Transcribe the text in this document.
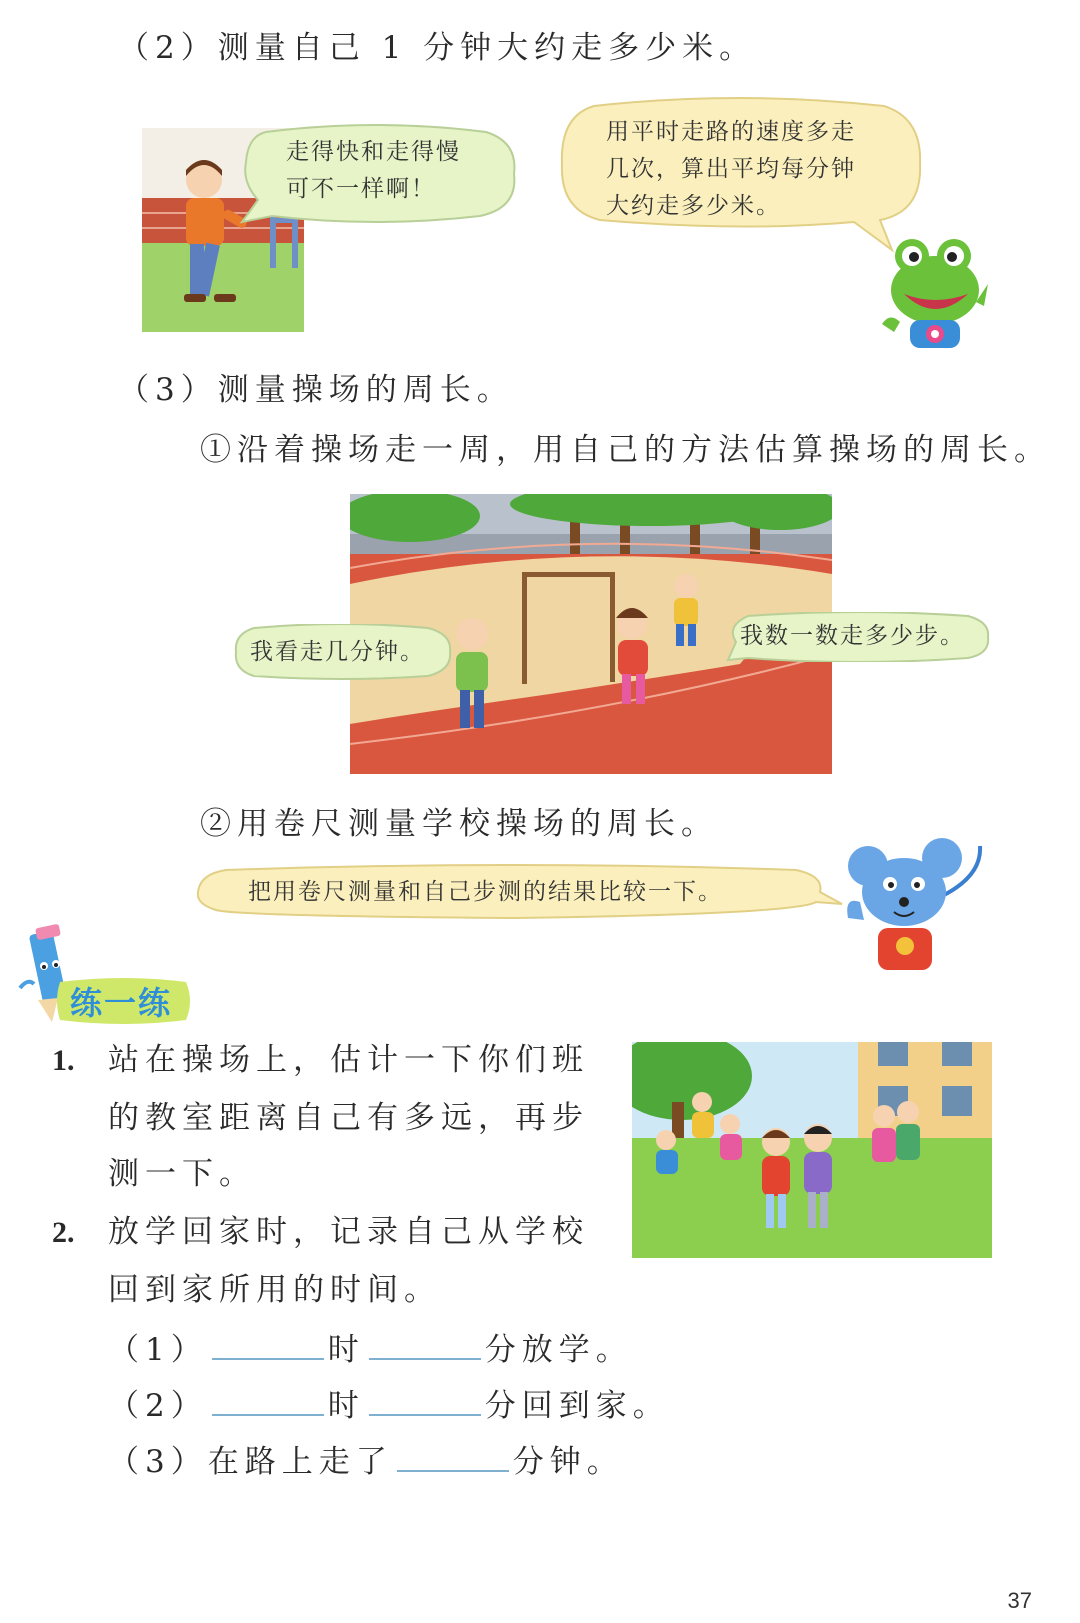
（2）测量自己 1 分钟大约走多少米。
走得快和走得慢
可不一样啊！
用平时走路的速度多走
几次，算出平均每分钟
大约走多少米。
（3）测量操场的周长。
①沿着操场走一周，用自己的方法估算操场的周长。
我看走几分钟。
我数一数走多少步。
②用卷尺测量学校操场的周长。
把用卷尺测量和自己步测的结果比较一下。
练一练
1. 站在操场上，估计一下你们班
的教室距离自己有多远，再步
测一下。
2. 放学回家时，记录自己从学校
回到家所用的时间。
（1）	时	分放学。
（2）	时	分回到家。
（3）在路上走了	分钟。
37
